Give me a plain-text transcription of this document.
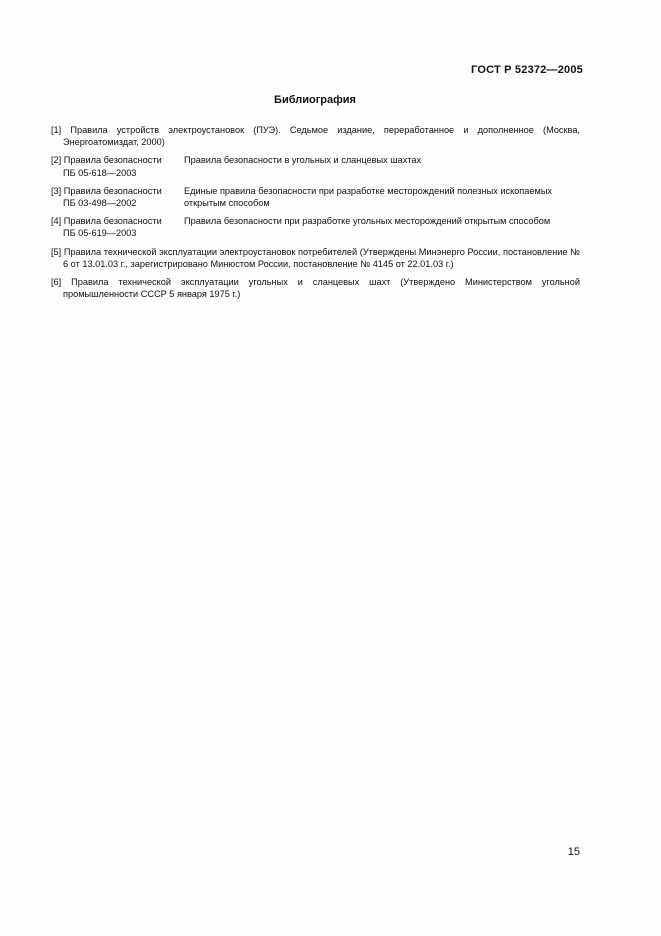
ГОСТ Р 52372—2005
Библиография
[1] Правила устройств электроустановок (ПУЭ). Седьмое издание, переработанное и дополненное (Москва, Энергоатомиздат, 2000)
[2] Правила безопасности
ПБ 05-618—2003
Правила безопасности в угольных и сланцевых шахтах
[3] Правила безопасности
ПБ 03-498—2002
Единые правила безопасности при разработке месторождений полезных ископаемых открытым способом
[4] Правила безопасности
ПБ 05-619—2003
Правила безопасности при разработке угольных месторождений открытым способом
[5] Правила технической эксплуатации электроустановок потребителей (Утверждены Минэнерго России, постановление № 6 от 13.01.03 г., зарегистрировано Минюстом России, постановление № 4145 от 22.01.03 г.)
[6] Правила технической эксплуатации угольных и сланцевых шахт (Утверждено Министерством угольной промышленности СССР 5 января 1975 г.)
15
